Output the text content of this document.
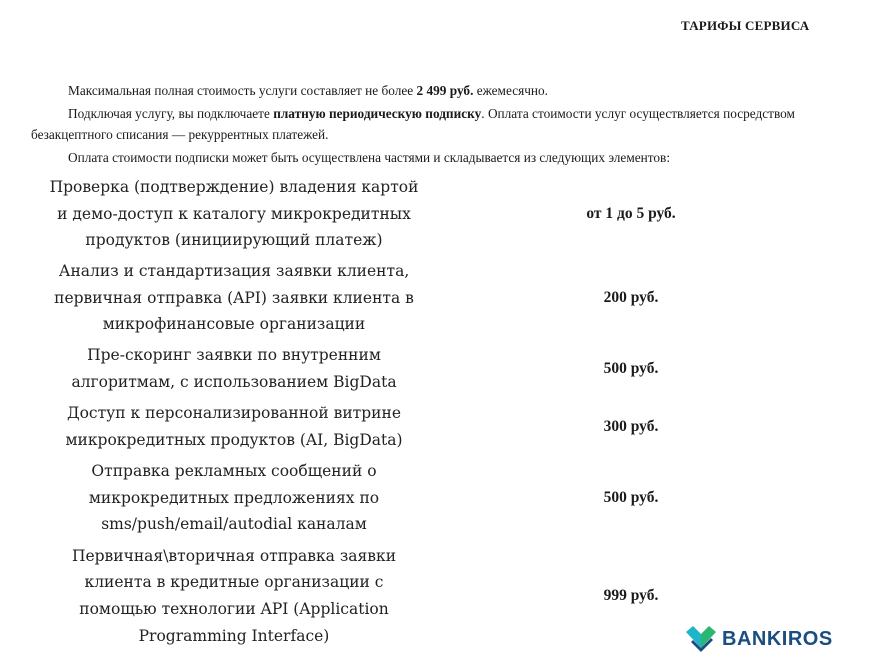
ТАРИФЫ СЕРВИСА

Максимальная полная стоимость услуги составляет не более 2 499 руб. ежемесячно.

Подключая услугу, вы подключаете платную периодическую подписку. Оплата стоимости услуг осуществляется посредством безакцептного списания — рекуррентных платежей.

Оплата стоимости подписки может быть осуществлена частями и складывается из следующих элементов:

Проверка (подтверждение) владения картой и демо-доступ к каталогу микрокредитных продуктов (инициирующий платеж)
от 1 до 5 руб.
Анализ и стандартизация заявки клиента, первичная отправка (API) заявки клиента в микрофинансовые организации
200 руб.
Пре-скоринг заявки по внутренним алгоритмам, с использованием BigData
500 руб.
Доступ к персонализированной витрине микрокредитных продуктов (AI, BigData)
300 руб.
Отправка рекламных сообщений о микрокредитных предложениях по sms/push/email/autodial каналам
500 руб.
Первичная\вторичная отправка заявки клиента в кредитные организации с помощью технологии API (Application Programming Interface)
999 руб.
BANKIROS
